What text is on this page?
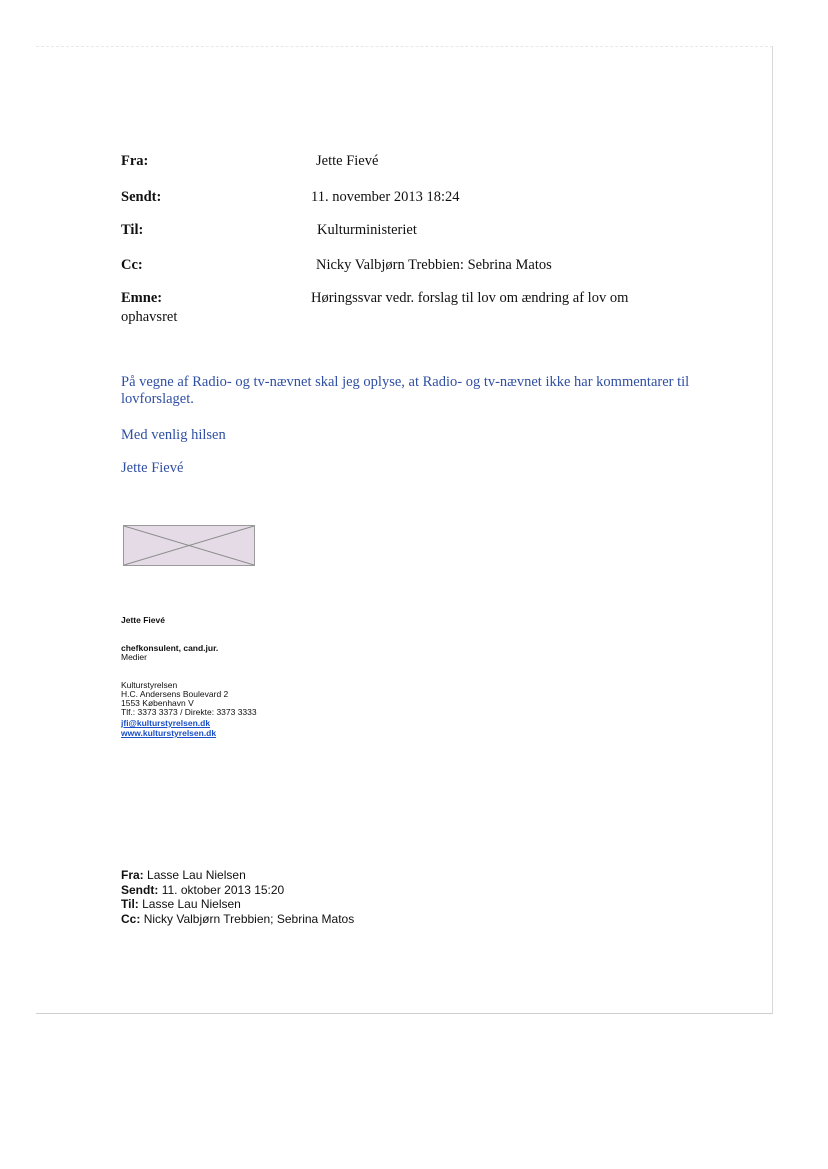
Fra:	Jette Fievé
Sendt:	11. november 2013 18:24
Til:	Kulturministeriet
Cc:	Nicky Valbjørn Trebbien: Sebrina Matos
Emne:	Høringssvar vedr. forslag til lov om ændring af lov om
ophavsret
På vegne af Radio- og tv-nævnet skal jeg oplyse, at Radio- og tv-nævnet ikke har kommentarer til lovforslaget.
Med venlig hilsen
Jette Fievé
Jette Fievé
chefkonsulent, cand.jur.
Medier
Kulturstyrelsen
H.C. Andersens Boulevard 2
1553 København V
Tlf.: 3373 3373 / Direkte: 3373 3333
jfi@kulturstyrelsen.dk
www.kulturstyrelsen.dk
Fra: Lasse Lau Nielsen
Sendt: 11. oktober 2013 15:20
Til: Lasse Lau Nielsen
Cc: Nicky Valbjørn Trebbien; Sebrina Matos
